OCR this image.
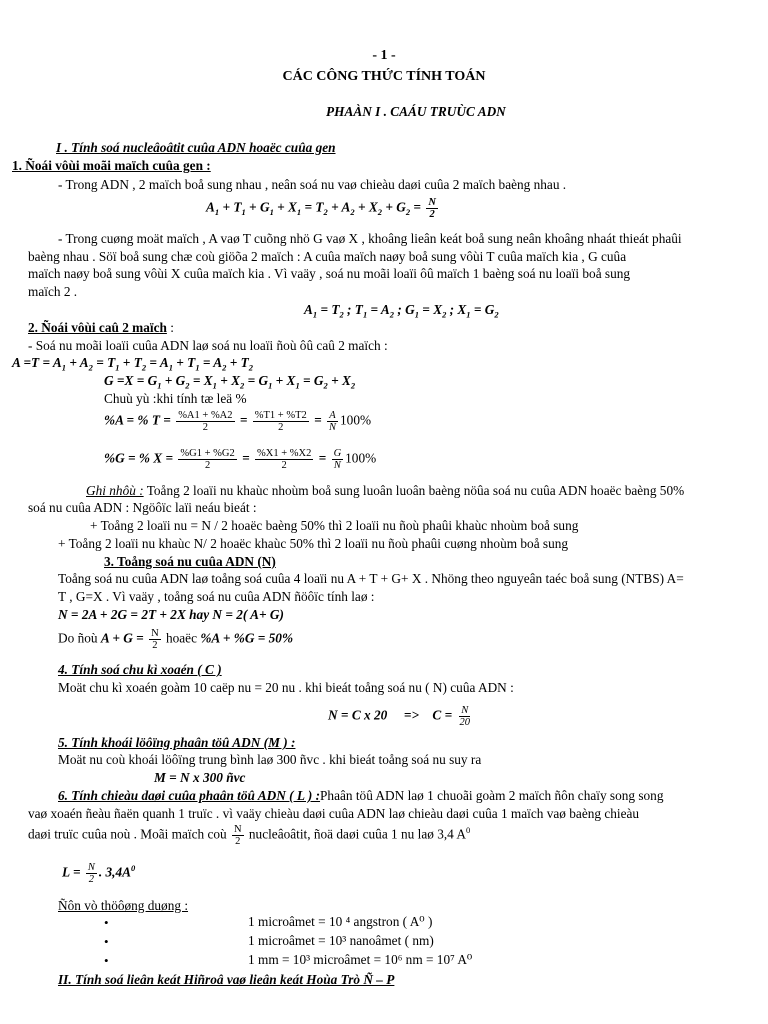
- 1 -
CÁC CÔNG THỨC TÍNH TOÁN
PHAÀN I . CAÁU TRUÙC ADN
I . Tính soá nucleâoâtit cuûa ADN hoaëc cuûa gen
1. Ñoái vôùi moãi maïch cuûa gen :
- Trong ADN , 2 maïch boå sung nhau , neân soá nu vaø chieàu daøi cuûa 2 maïch baèng nhau .
$A_1 + T_1 + G_1 + X_1 = T_2 + A_2 + X_2 + G_2 = \frac{N}{2}$
- Trong cuøng moät maïch , A vaø T cuõng nhö G vaø X , khoâng lieân keát boå sung neân khoâng nhaát thieát phaûi
baèng nhau . Söï boå sung chæ coù giöõa 2 maïch : A cuûa maïch naøy boå sung vôùi T cuûa maïch kia , G cuûa
maïch naøy boå sung vôùi X cuûa maïch kia . Vì vaäy , soá nu moãi loaïi ôû maïch 1 baèng soá nu loaïi boå sung
maïch 2 .
$A_1 = T_2$ ; $T_1 = A_2$ ; $G_1 = X_2$ ; $X_1 = G_2$
2. Ñoái vôùi caû 2 maïch :
- Soá nu moãi loaïi cuûa ADN laø soá nu loaïi ñoù ôû caû 2 maïch :
$A =T = A_1 + A_2 = T_1 + T_2 = A_1 + T_1 = A_2 + T_2$
$G =X = G_1 + G_2 = X_1 + X_2 = G_1 + X_1 = G_2 + X_2$
Chuù yù :khi tính tæ leä %
%A = % $T = \frac{\%A1 + \%A2}{2} = \frac{\%T1 + \%T2}{2} = \frac{A}{N} 100\%$
%G = % $X = \frac{\%G1 + \%G2}{2} = \frac{\%X1 + \%X2}{2} = \frac{G}{N} 100\%$
Ghi nhôù : Toång 2 loaïi nu khaùc nhoùm boå sung luoân luoân baèng nöûa soá nu cuûa ADN hoaëc baèng 50%
soá nu cuûa ADN : Ngöôïc laïi neáu bieát :
+ Toång 2 loaïi nu = N / 2 hoaëc baèng 50% thì 2 loaïi nu ñoù phaûi khaùc nhoùm boå sung
+ Toång 2 loaïi nu khaùc N/ 2 hoaëc khaùc 50% thì 2 loaïi nu ñoù phaûi cuøng nhoùm boå sung
3. Toång soá nu cuûa ADN (N)
Toång soá nu cuûa ADN laø toång soá cuûa 4 loaïi nu A + T + G+ X . Nhöng theo nguyeân taéc boå sung (NTBS) A=
T , G=X . Vì vaäy , toång soá nu cuûa ADN ñöôïc tính laø :
N = 2A + 2G = 2T + 2X hay N = 2( A+ G)
Do ñoù $A + G = \frac{N}{2}$ hoaëc %A + %G = 50%
4. Tính soá chu kì xoaén ( C )
Moät chu kì xoaén goàm 10 caëp nu = 20 nu . khi bieát toång soá nu ( N) cuûa ADN :
N = C x $20 => C = \frac{N}{20}$
5. Tính khoái löôïng phaân töû ADN (M ) :
Moät nu coù khoái löôïng trung bình laø 300 ñvc . khi bieát toång soá nu suy ra
M = N x 300 ñvc
6. Tính chieàu daøi cuûa phaân töû ADN ( L ) :Phaân töû ADN laø 1 chuoãi goàm 2 maïch ñôn chaïy song song
vaø xoaén ñeàu ñaën quanh 1 truïc . vì vaäy chieàu daøi cuûa ADN laø chieàu daøi cuûa 1 maïch vaø baèng chieàu
daøi truïc cuûa noù . Moãi maïch coù $\frac{N}{2}$ nucleâoâtit, ñoä daøi cuûa 1 nu laø 3,4 $A^0$
$L = \frac{N}{2}$ . $3,4A^0$
Ñôn vò thöôøng duøng :
•	1 microâmet = 10 ⁴ angstron ( A⁰ )
•	1 microâmet = 10³ nanoâmet ( nm)
•	1 mm = 10³ microâmet = 10⁶ nm = 10⁷ A⁰
II. Tính soá lieân keát Hiñroâ vaø lieân keát Hoùa Trò Ñ – P
